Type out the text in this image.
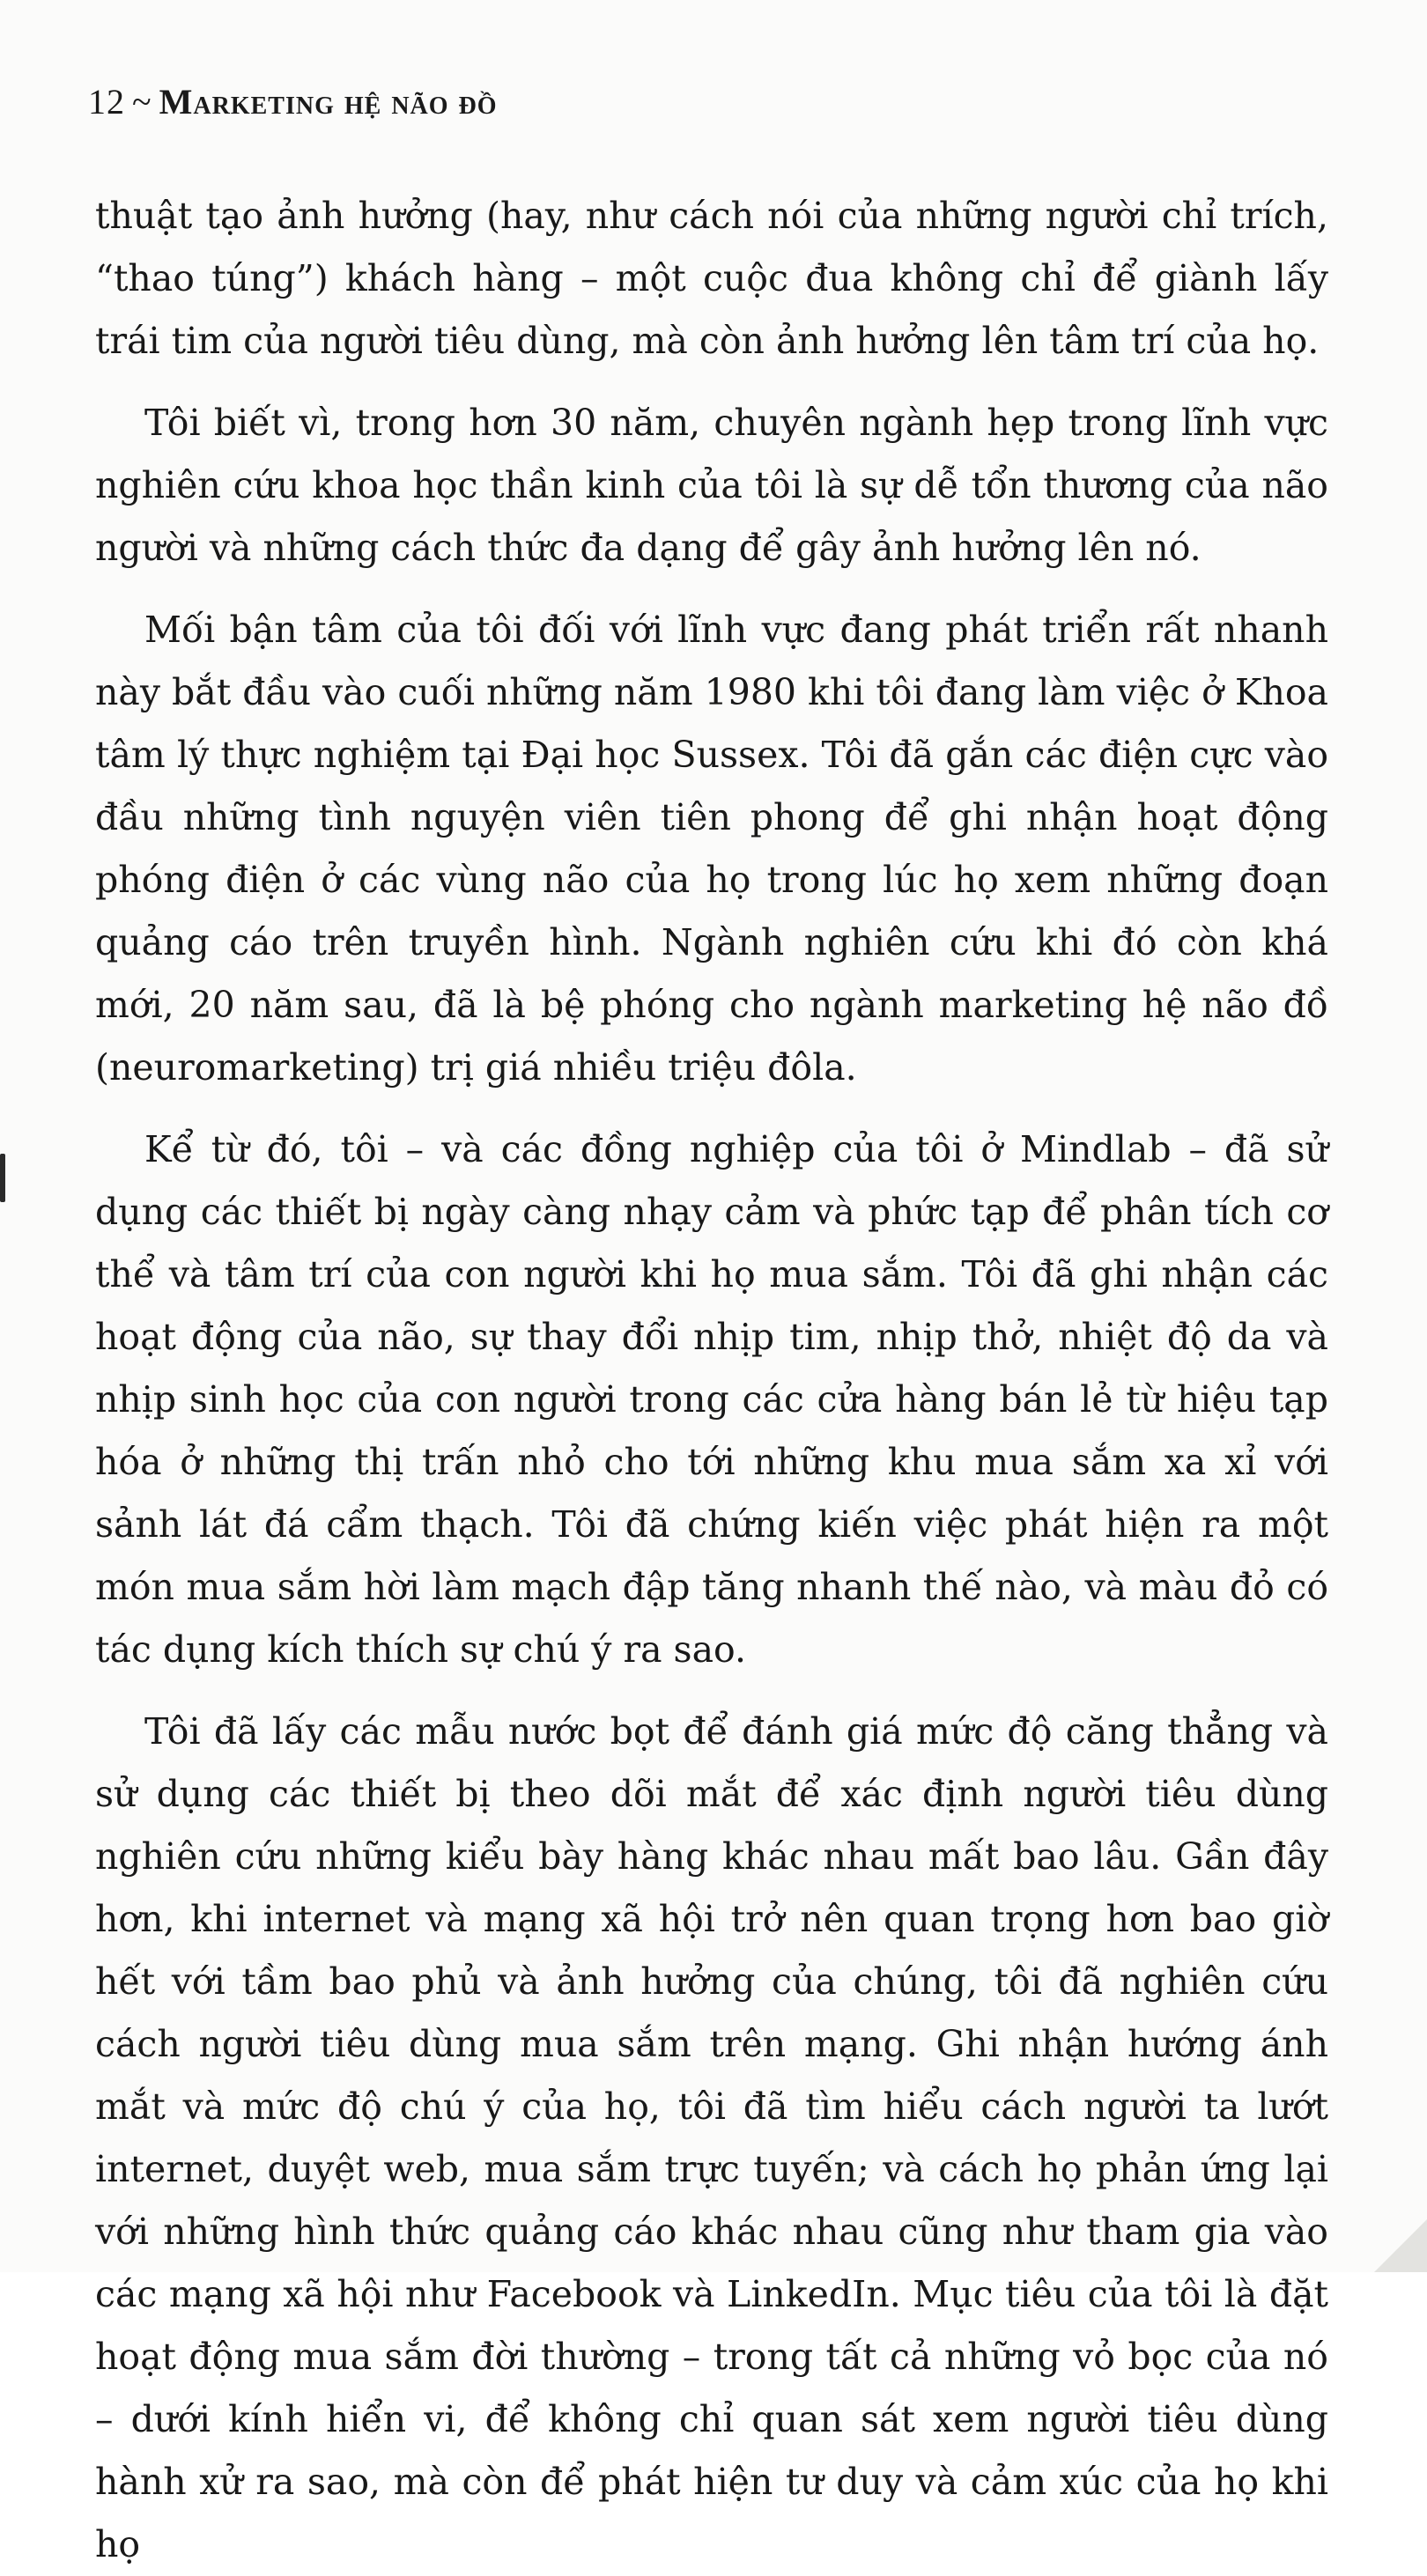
12 ~ Marketing hệ não đồ

thuật tạo ảnh hưởng (hay, như cách nói của những người chỉ trích, “thao túng”) khách hàng – một cuộc đua không chỉ để giành lấy trái tim của người tiêu dùng, mà còn ảnh hưởng lên tâm trí của họ.

Tôi biết vì, trong hơn 30 năm, chuyên ngành hẹp trong lĩnh vực nghiên cứu khoa học thần kinh của tôi là sự dễ tổn thương của não người và những cách thức đa dạng để gây ảnh hưởng lên nó.

Mối bận tâm của tôi đối với lĩnh vực đang phát triển rất nhanh này bắt đầu vào cuối những năm 1980 khi tôi đang làm việc ở Khoa tâm lý thực nghiệm tại Đại học Sussex. Tôi đã gắn các điện cực vào đầu những tình nguyện viên tiên phong để ghi nhận hoạt động phóng điện ở các vùng não của họ trong lúc họ xem những đoạn quảng cáo trên truyền hình. Ngành nghiên cứu khi đó còn khá mới, 20 năm sau, đã là bệ phóng cho ngành marketing hệ não đồ (neuromarketing) trị giá nhiều triệu đôla.

Kể từ đó, tôi – và các đồng nghiệp của tôi ở Mindlab – đã sử dụng các thiết bị ngày càng nhạy cảm và phức tạp để phân tích cơ thể và tâm trí của con người khi họ mua sắm. Tôi đã ghi nhận các hoạt động của não, sự thay đổi nhịp tim, nhịp thở, nhiệt độ da và nhịp sinh học của con người trong các cửa hàng bán lẻ từ hiệu tạp hóa ở những thị trấn nhỏ cho tới những khu mua sắm xa xỉ với sảnh lát đá cẩm thạch. Tôi đã chứng kiến việc phát hiện ra một món mua sắm hời làm mạch đập tăng nhanh thế nào, và màu đỏ có tác dụng kích thích sự chú ý ra sao.

Tôi đã lấy các mẫu nước bọt để đánh giá mức độ căng thẳng và sử dụng các thiết bị theo dõi mắt để xác định người tiêu dùng nghiên cứu những kiểu bày hàng khác nhau mất bao lâu. Gần đây hơn, khi internet và mạng xã hội trở nên quan trọng hơn bao giờ hết với tầm bao phủ và ảnh hưởng của chúng, tôi đã nghiên cứu cách người tiêu dùng mua sắm trên mạng. Ghi nhận hướng ánh mắt và mức độ chú ý của họ, tôi đã tìm hiểu cách người ta lướt internet, duyệt web, mua sắm trực tuyến; và cách họ phản ứng lại với những hình thức quảng cáo khác nhau cũng như tham gia vào các mạng xã hội như Facebook và LinkedIn. Mục tiêu của tôi là đặt hoạt động mua sắm đời thường – trong tất cả những vỏ bọc của nó – dưới kính hiển vi, để không chỉ quan sát xem người tiêu dùng hành xử ra sao, mà còn để phát hiện tư duy và cảm xúc của họ khi họ
